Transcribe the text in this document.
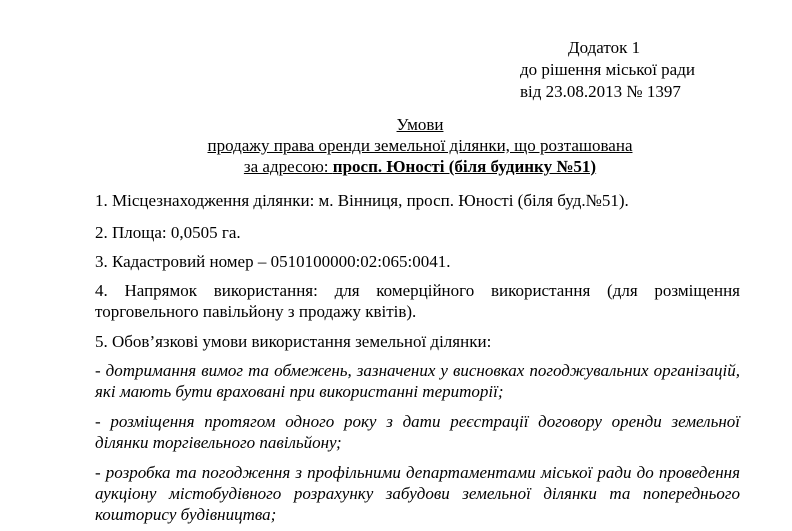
Додаток 1
до рішення міської ради
від 23.08.2013 № 1397
Умови
продажу права оренди земельної ділянки, що розташована
за адресою: просп. Юності (біля будинку №51)
1. Місцезнаходження ділянки: м. Вінниця, просп. Юності (біля буд.№51).
2. Площа: 0,0505 га.
3. Кадастровий номер – 0510100000:02:065:0041.
4. Напрямок використання: для комерційного використання (для розміщення торговельного павільйону з продажу квітів).
5. Обов’язкові умови використання земельної ділянки:
- дотримання вимог та обмежень, зазначених у висновках погоджувальних організацій, які мають бути враховані при використанні території;
- розміщення протягом одного року з дати реєстрації договору оренди земельної ділянки торгівельного павільйону;
- розробка та погодження з профільними департаментами міської ради до проведення аукціону містобудівного розрахунку забудови земельної ділянки та попереднього кошторису будівництва;
